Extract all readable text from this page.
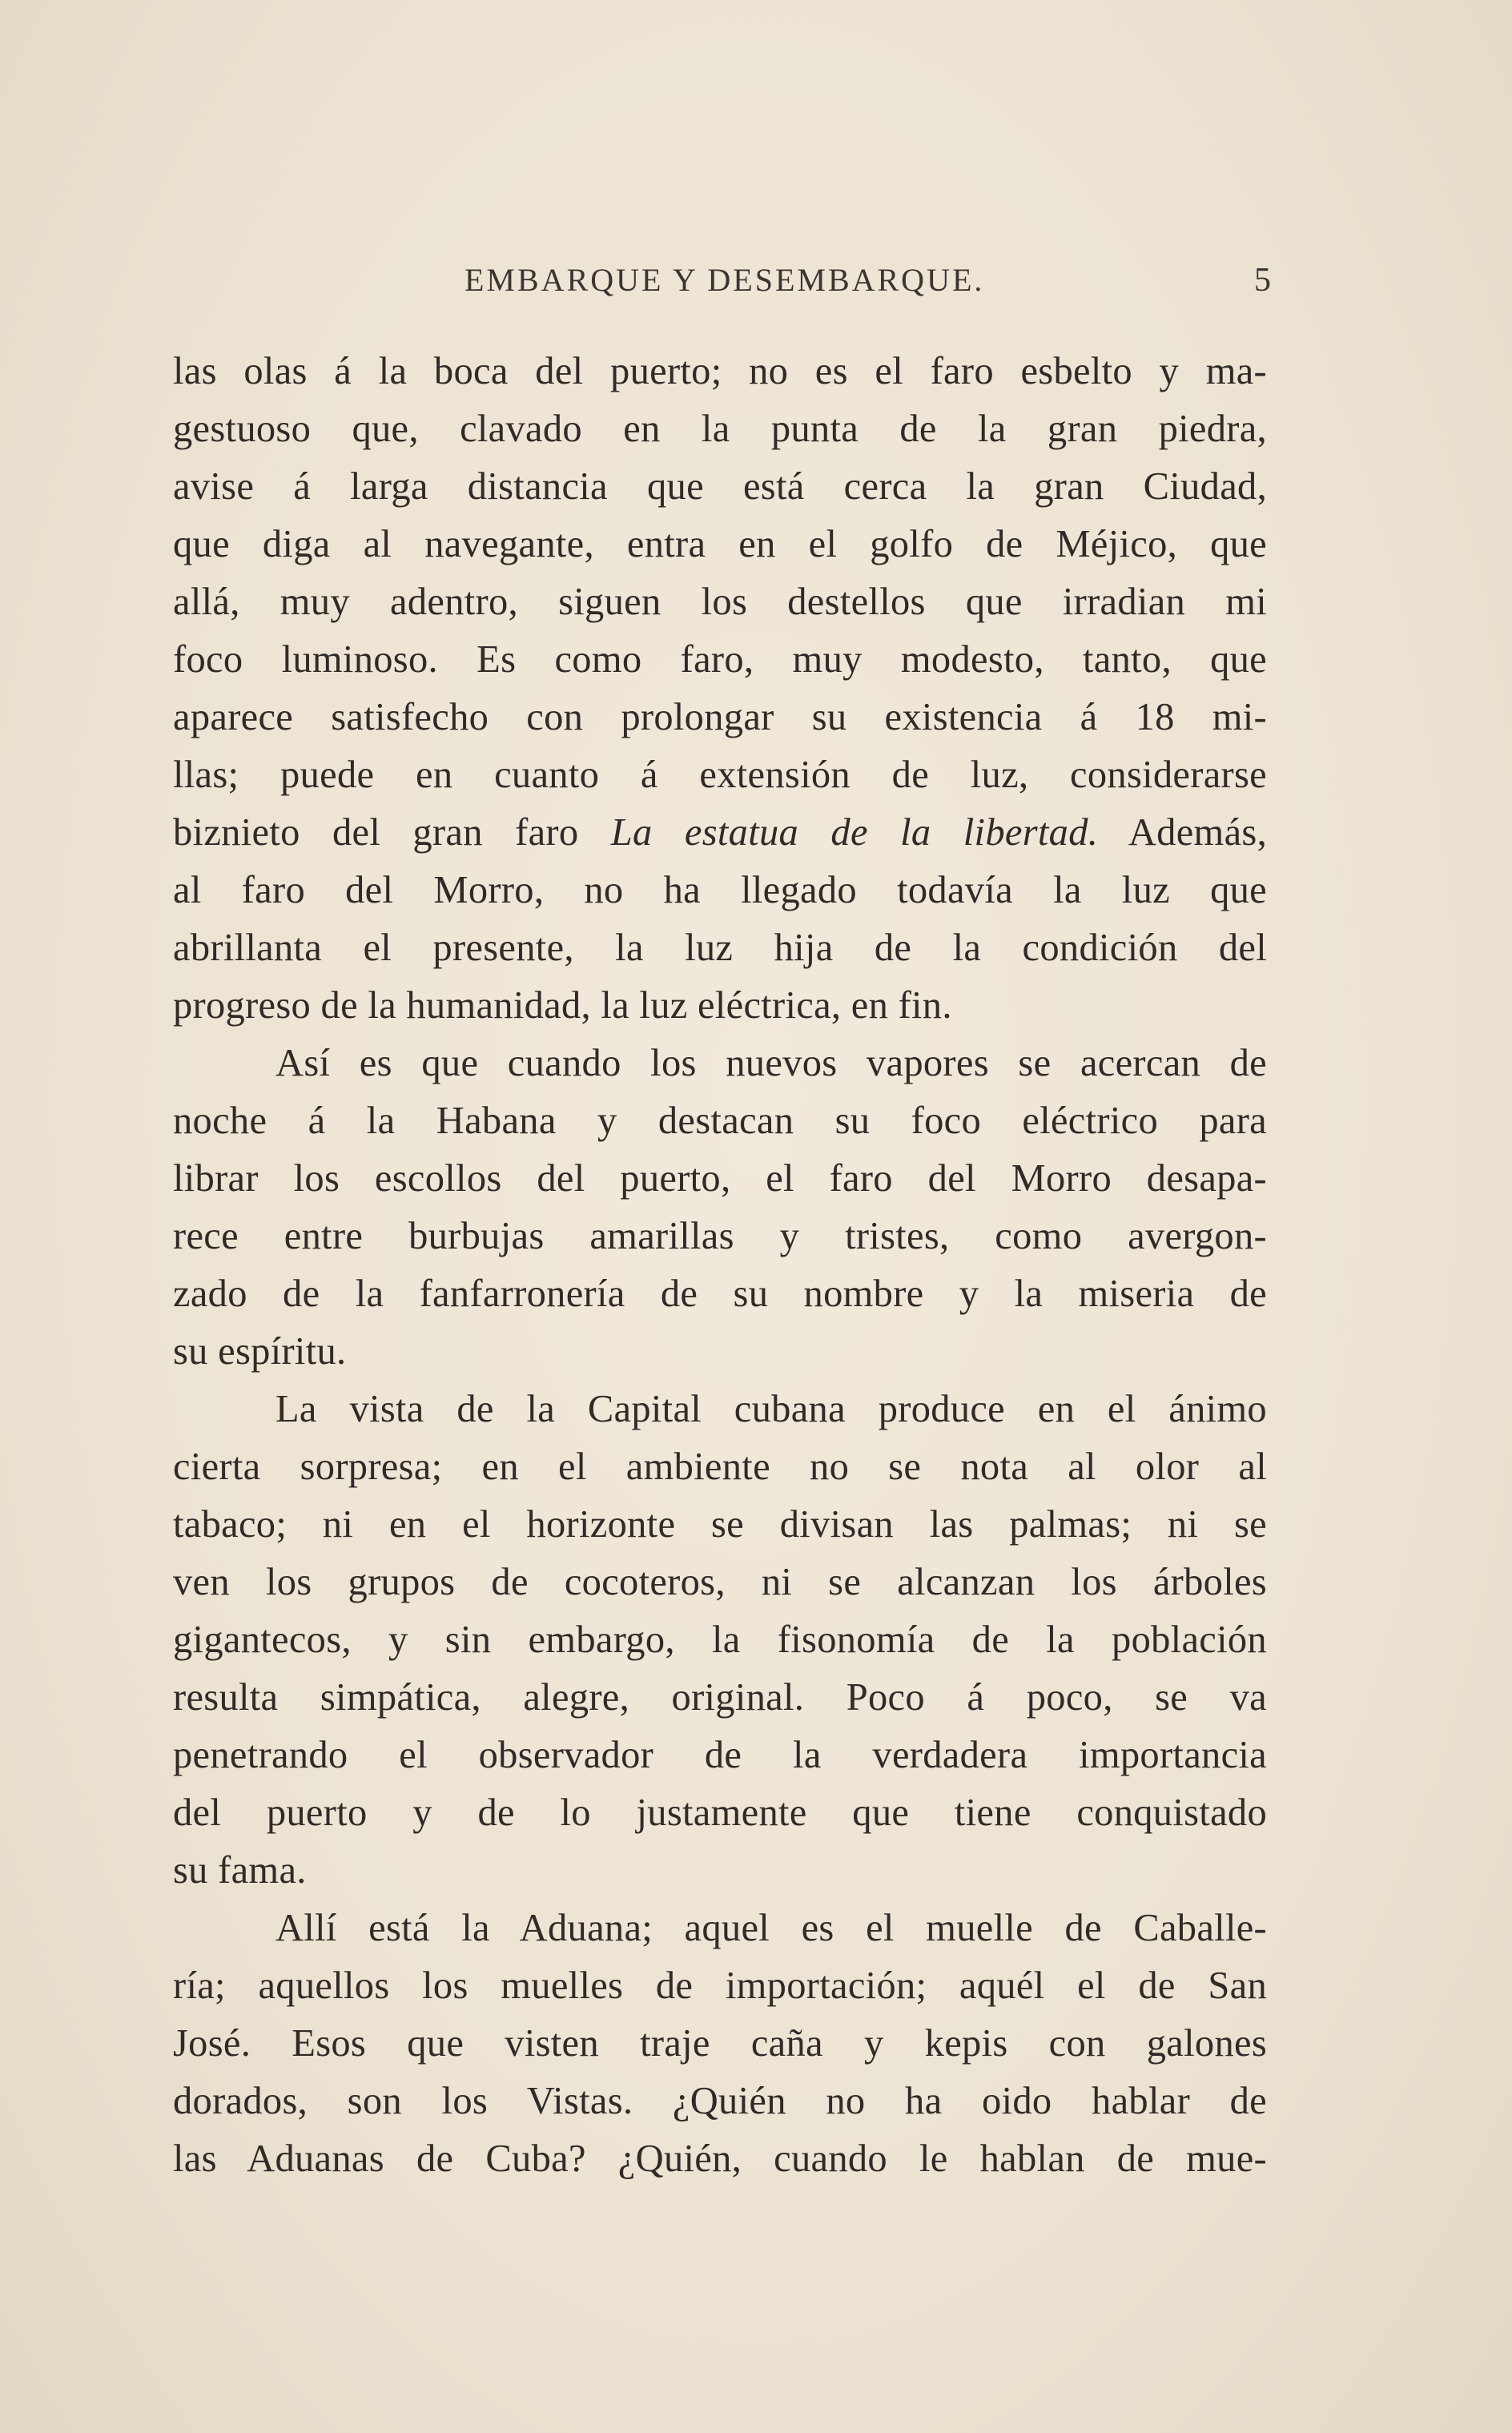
EMBARQUE Y DESEMBARQUE.	5
las olas á la boca del puerto; no es el faro esbelto y ma-
gestuoso que, clavado en la punta de la gran piedra,
avise á larga distancia que está cerca la gran Ciudad,
que diga al navegante, entra en el golfo de Méjico, que
allá, muy adentro, siguen los destellos que irradian mi
foco luminoso. Es como faro, muy modesto, tanto, que
aparece satisfecho con prolongar su existencia á 18 mi-
llas; puede en cuanto á extensión de luz, considerarse
biznieto del gran faro La estatua de la libertad. Además,
al faro del Morro, no ha llegado todavía la luz que
abrillanta el presente, la luz hija de la condición del
progreso de la humanidad, la luz eléctrica, en fin.
Así es que cuando los nuevos vapores se acercan de
noche á la Habana y destacan su foco eléctrico para
librar los escollos del puerto, el faro del Morro desapa-
rece entre burbujas amarillas y tristes, como avergon-
zado de la fanfarronería de su nombre y la miseria de
su espíritu.
La vista de la Capital cubana produce en el ánimo
cierta sorpresa; en el ambiente no se nota al olor al
tabaco; ni en el horizonte se divisan las palmas; ni se
ven los grupos de cocoteros, ni se alcanzan los árboles
gigantecos, y sin embargo, la fisonomía de la población
resulta simpática, alegre, original. Poco á poco, se va
penetrando el observador de la verdadera importancia
del puerto y de lo justamente que tiene conquistado
su fama.
Allí está la Aduana; aquel es el muelle de Caballe-
ría; aquellos los muelles de importación; aquél el de San
José. Esos que visten traje caña y kepis con galones
dorados, son los Vistas. ¿Quién no ha oido hablar de
las Aduanas de Cuba? ¿Quién, cuando le hablan de mue-
